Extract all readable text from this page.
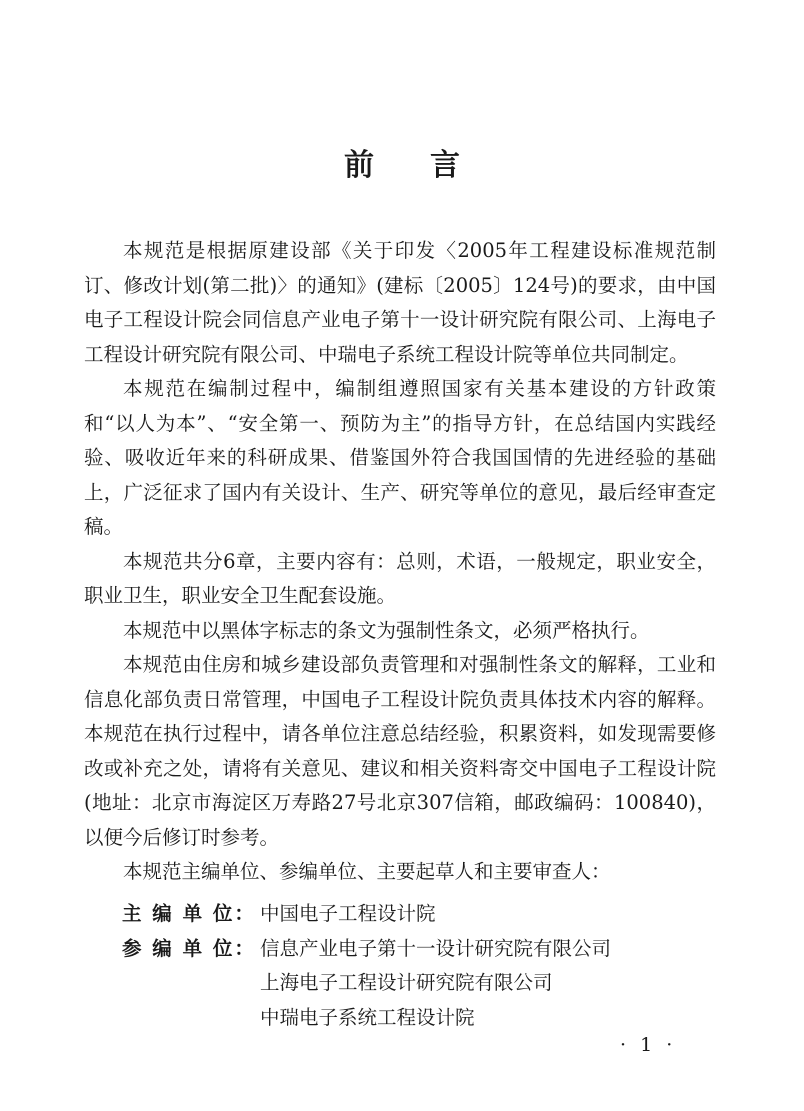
前 言

本规范是根据原建设部《关于印发〈2005年工程建设标准规范制订、修改计划(第二批)〉的通知》(建标〔2005〕124号)的要求，由中国电子工程设计院会同信息产业电子第十一设计研究院有限公司、上海电子工程设计研究院有限公司、中瑞电子系统工程设计院等单位共同制定。

本规范在编制过程中，编制组遵照国家有关基本建设的方针政策和“以人为本”、“安全第一、预防为主”的指导方针，在总结国内实践经验、吸收近年来的科研成果、借鉴国外符合我国国情的先进经验的基础上，广泛征求了国内有关设计、生产、研究等单位的意见，最后经审查定稿。

本规范共分6章，主要内容有：总则，术语，一般规定，职业安全，职业卫生，职业安全卫生配套设施。

本规范中以黑体字标志的条文为强制性条文，必须严格执行。

本规范由住房和城乡建设部负责管理和对强制性条文的解释，工业和信息化部负责日常管理，中国电子工程设计院负责具体技术内容的解释。本规范在执行过程中，请各单位注意总结经验，积累资料，如发现需要修改或补充之处，请将有关意见、建议和相关资料寄交中国电子工程设计院(地址：北京市海淀区万寿路27号北京307信箱，邮政编码：100840)，以便今后修订时参考。

本规范主编单位、参编单位、主要起草人和主要审查人：

主 编 单 位： 中国电子工程设计院
参 编 单 位： 信息产业电子第十一设计研究院有限公司
上海电子工程设计研究院有限公司
中瑞电子系统工程设计院
· 1 ·
